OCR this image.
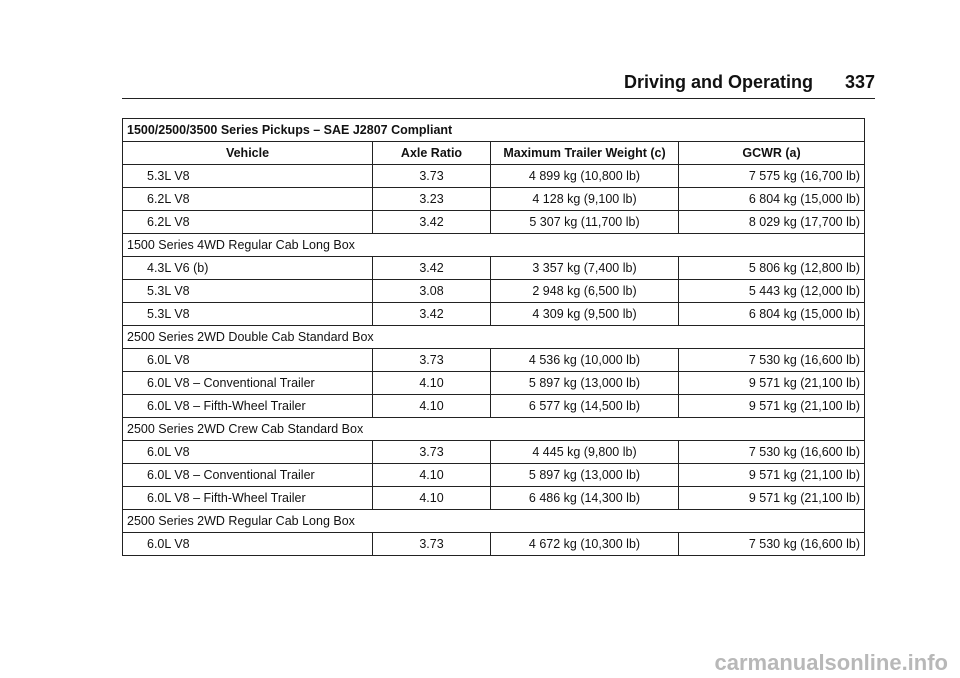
Driving and Operating 337
1500/2500/3500 Series Pickups – SAE J2807 Compliant			
Vehicle	Axle Ratio	Maximum Trailer Weight (c)	GCWR (a)
5.3L V8	3.73	4 899 kg (10,800 lb)	7 575 kg (16,700 lb)
6.2L V8	3.23	4 128 kg (9,100 lb)	6 804 kg (15,000 lb)
6.2L V8	3.42	5 307 kg (11,700 lb)	8 029 kg (17,700 lb)
1500 Series 4WD Regular Cab Long Box			
4.3L V6 (b)	3.42	3 357 kg (7,400 lb)	5 806 kg (12,800 lb)
5.3L V8	3.08	2 948 kg (6,500 lb)	5 443 kg (12,000 lb)
5.3L V8	3.42	4 309 kg (9,500 lb)	6 804 kg (15,000 lb)
2500 Series 2WD Double Cab Standard Box			
6.0L V8	3.73	4 536 kg (10,000 lb)	7 530 kg (16,600 lb)
6.0L V8 – Conventional Trailer	4.10	5 897 kg (13,000 lb)	9 571 kg (21,100 lb)
6.0L V8 – Fifth-Wheel Trailer	4.10	6 577 kg (14,500 lb)	9 571 kg (21,100 lb)
2500 Series 2WD Crew Cab Standard Box			
6.0L V8	3.73	4 445 kg (9,800 lb)	7 530 kg (16,600 lb)
6.0L V8 – Conventional Trailer	4.10	5 897 kg (13,000 lb)	9 571 kg (21,100 lb)
6.0L V8 – Fifth-Wheel Trailer	4.10	6 486 kg (14,300 lb)	9 571 kg (21,100 lb)
2500 Series 2WD Regular Cab Long Box			
6.0L V8	3.73	4 672 kg (10,300 lb)	7 530 kg (16,600 lb)
carmanualsonline.info
